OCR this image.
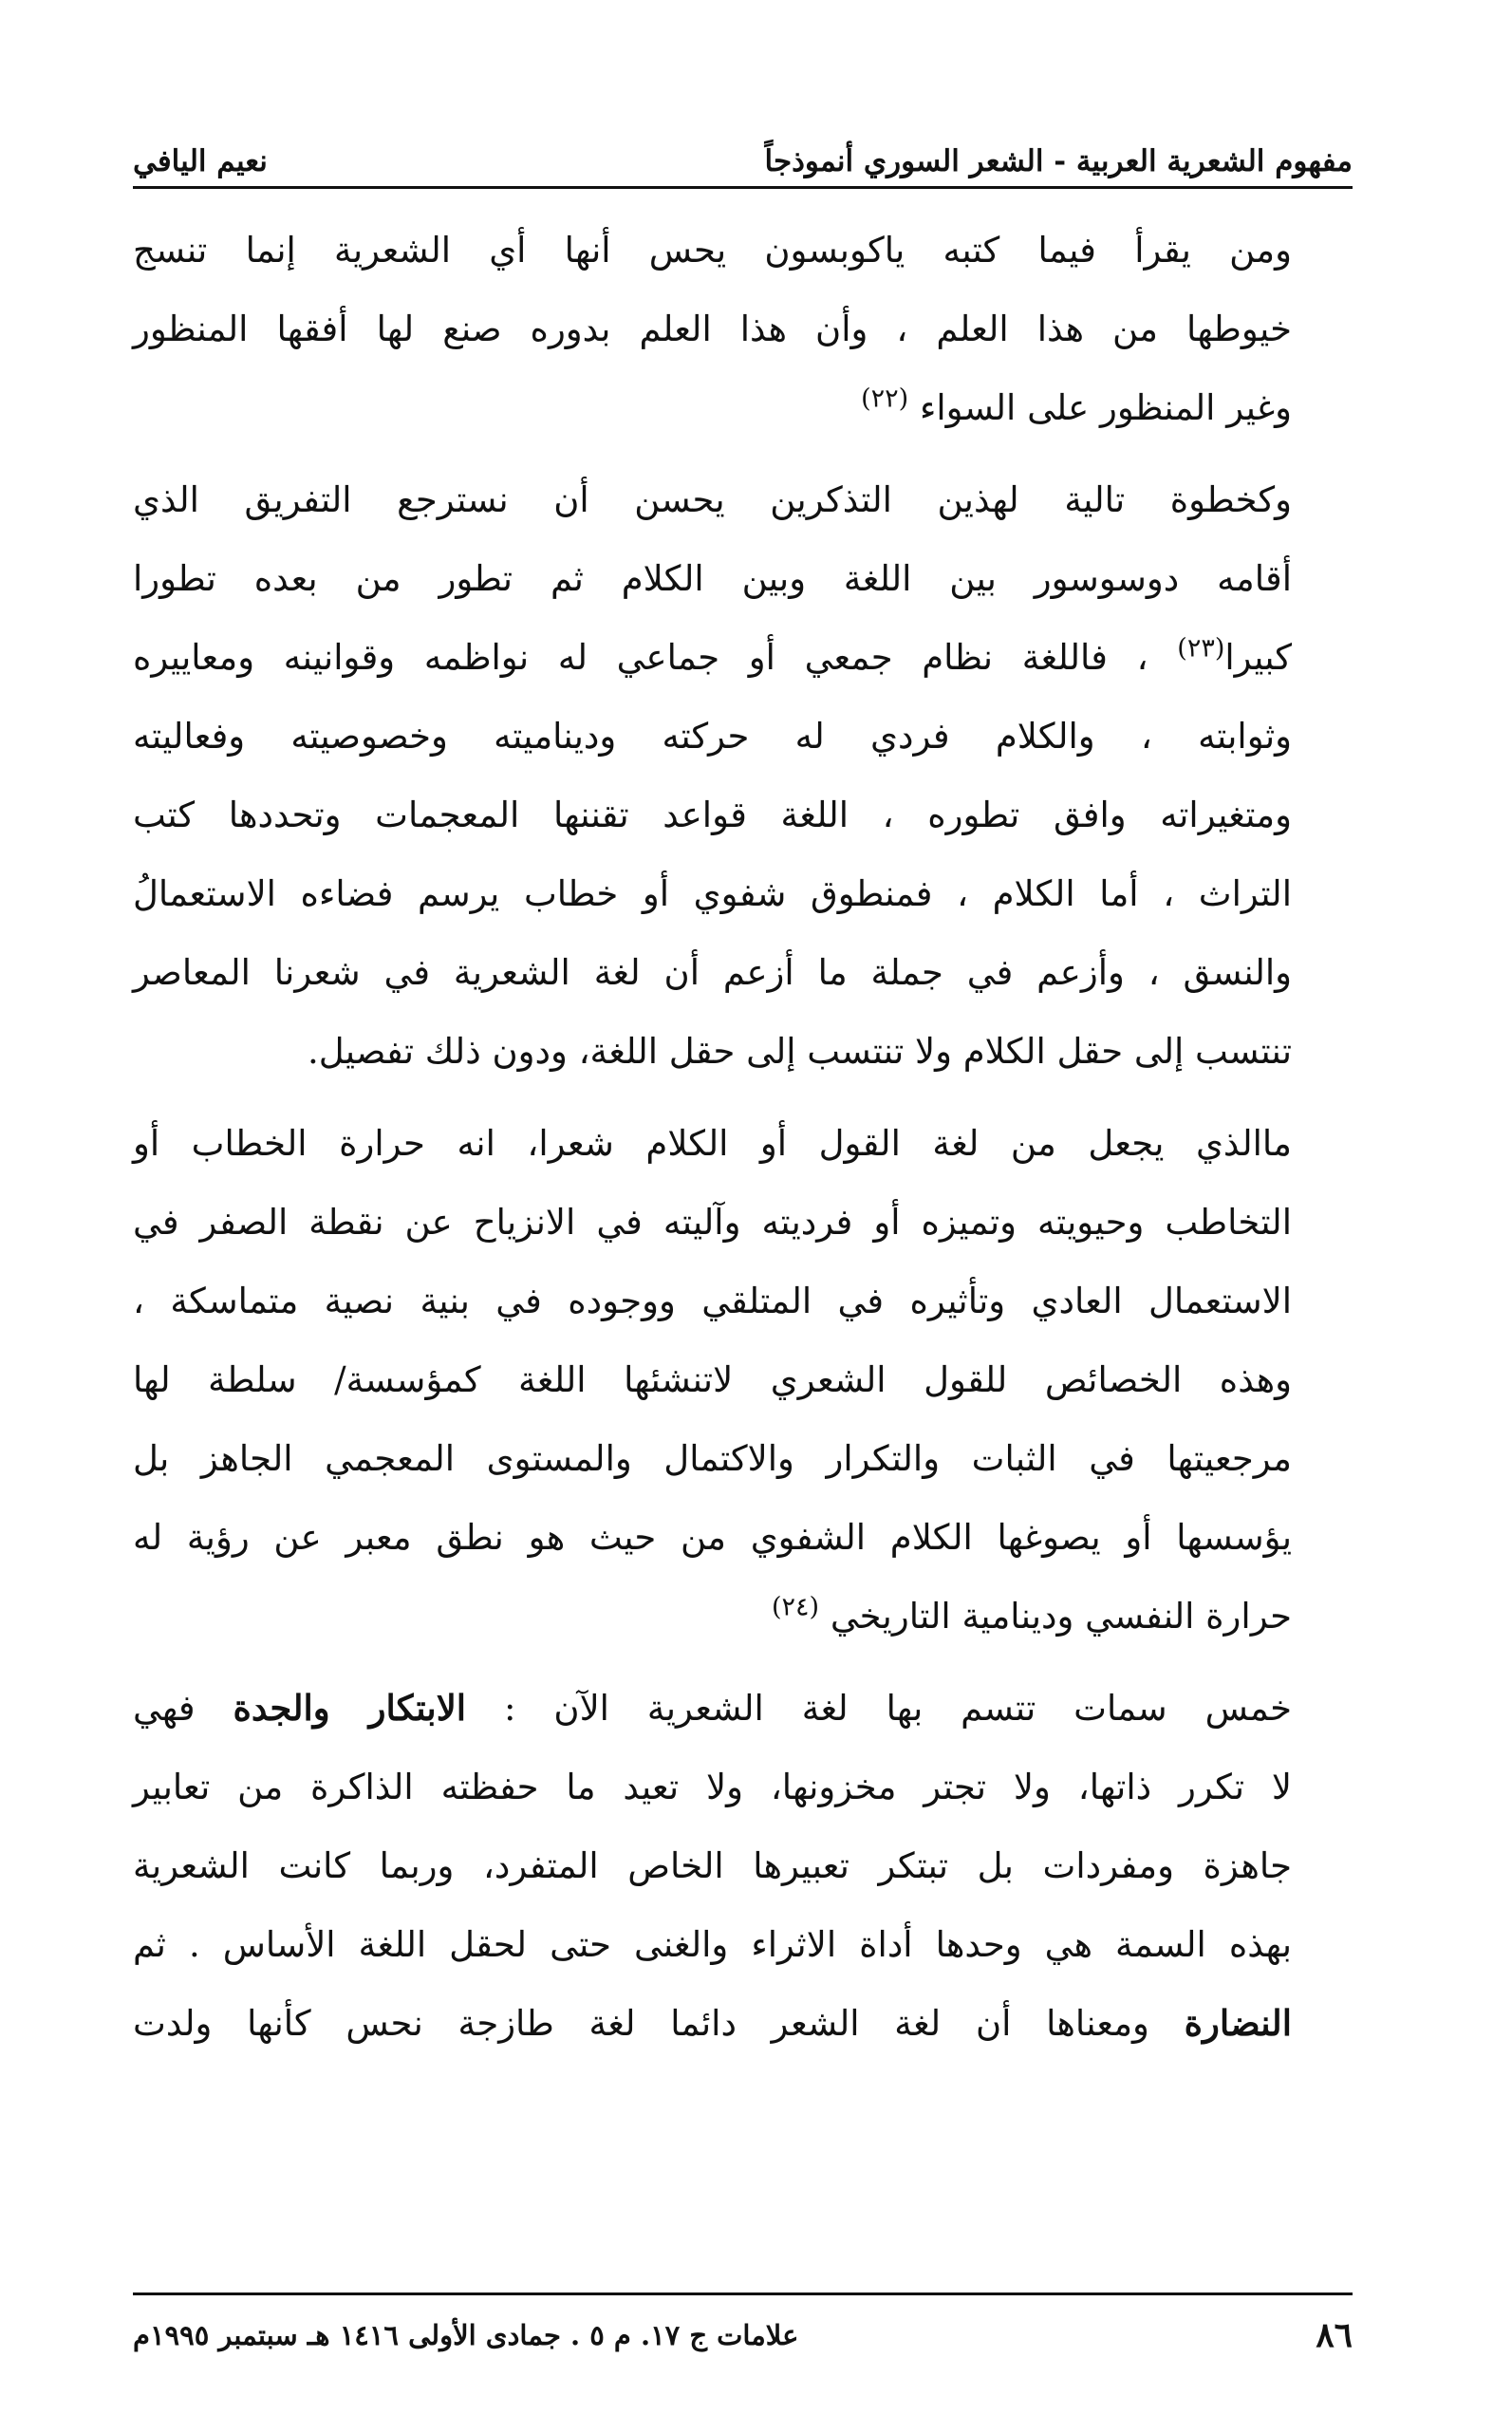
مفهوم الشعرية العربية - الشعر السوري أنموذجاً
نعيم اليافي

ومن يقرأ فيما كتبه ياكوبسون يحس أنها أي الشعرية إنما تنسج
خيوطها من هذا العلم ، وأن هذا العلم بدوره صنع لها أفقها المنظور
وغير المنظور على السواء $^{(٢٢)}$

وكخطوة تالية لهذين التذكرين يحسن أن نسترجع التفريق الذي
أقامه دوسوسور بين اللغة وبين الكلام ثم تطور من بعده تطورا
كبيرا$^{(٢٣)}$ ، فاللغة نظام جمعي أو جماعي له نواظمه وقوانينه ومعاييره
وثوابته ، والكلام فردي له حركته وديناميته وخصوصيته وفعاليته
ومتغيراته وافق تطوره ، اللغة قواعد تقننها المعجمات وتحددها كتب
التراث ، أما الكلام ، فمنطوق شفوي أو خطاب يرسم فضاءه الاستعمالُ
والنسق ، وأزعم في جملة ما أزعم أن لغة الشعرية في شعرنا المعاصر
تنتسب إلى حقل الكلام ولا تنتسب إلى حقل اللغة، ودون ذلك تفصيل.

ماالذي يجعل من لغة القول أو الكلام شعرا، انه حرارة الخطاب أو
التخاطب وحيويته وتميزه أو فرديته وآليته في الانزياح عن نقطة الصفر في
الاستعمال العادي وتأثيره في المتلقي ووجوده في بنية نصية متماسكة ،
وهذه الخصائص للقول الشعري لاتنشئها اللغة كمؤسسة/ سلطة لها
مرجعيتها في الثبات والتكرار والاكتمال والمستوى المعجمي الجاهز بل
يؤسسها أو يصوغها الكلام الشفوي من حيث هو نطق معبر عن رؤية له
حرارة النفسي ودينامية التاريخي $^{(٢٤)}$

خمس سمات تتسم بها لغة الشعرية الآن : الابتكار والجدة فهي
لا تكرر ذاتها، ولا تجتر مخزونها، ولا تعيد ما حفظته الذاكرة من تعابير
جاهزة ومفردات بل تبتكر تعبيرها الخاص المتفرد، وربما كانت الشعرية
بهذه السمة هي وحدها أداة الاثراء والغنى حتى لحقل اللغة الأساس . ثم
النضارة ومعناها أن لغة الشعر دائما لغة طازجة نحس كأنها ولدت

٨٦
علامات ج ١٧. م ٥ . جمادى الأولى ١٤١٦ هـ سبتمبر ١٩٩٥م
